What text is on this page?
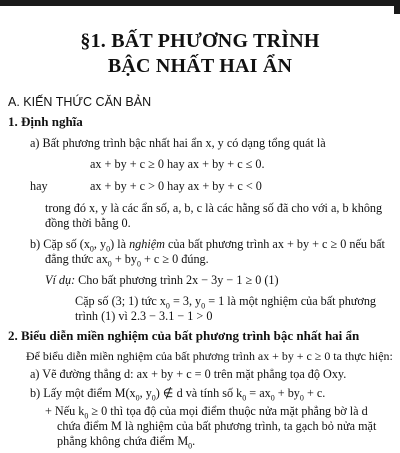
§1. BẤT PHƯƠNG TRÌNH
BẬC NHẤT HAI ẨN
A. KIẾN THỨC CĂN BẢN
1. Định nghĩa
a) Bất phương trình bậc nhất hai ẩn x, y có dạng tổng quát là
ax + by + c ≥ 0 hay ax + by + c ≤ 0.
hay	ax + by + c > 0 hay ax + by + c < 0
trong đó x, y là các ẩn số, a, b, c là các hằng số đã cho với a, b không
đồng thời bằng 0.
b) Cặp số ($x_0$, $y_0$) là nghiệm của bất phương trình ax + by + c ≥ 0 nếu bất
đẳng thức $ax_0 + by_0 + c \ge 0$ đúng.
Ví dụ: Cho bất phương trình 2x − 3y − 1 ≥ 0 (1)
Cặp số (3; 1) tức $x_0 = 3$, $y_0 = 1$ là một nghiệm của bất phương
trình (1) vì 2.3 − 3.1 − 1 > 0
2. Biểu diễn miền nghiệm của bất phương trình bậc nhất hai ẩn
Để biểu diễn miền nghiệm của bất phương trình ax + by + c ≥ 0 ta thực hiện:
a) Vẽ đường thẳng d: ax + by + c = 0 trên mặt phẳng tọa độ Oxy.
b) Lấy một điểm $M(x_0$, $y_0$) ∉ d và tính số $k_0 = ax_0 + by_0 + c$.
+ Nếu $k_0 \ge 0$ thì tọa độ của mọi điểm thuộc nửa mặt phẳng bờ là d
chứa điểm M là nghiệm của bất phương trình, ta gạch bỏ nửa mặt
phẳng không chứa điểm $M_0$.
